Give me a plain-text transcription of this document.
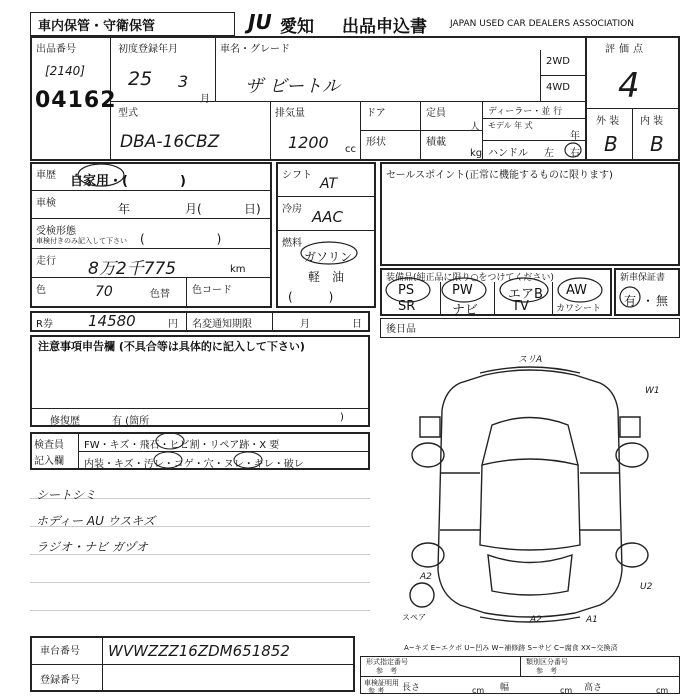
車内保管・守衛保管	JU 愛知 出品申込書	JAPAN USED CAR DEALERS ASSOCIATION
出品番号
[2140]
04162
初度登録年月
25 3
月
車名・グレード
ザ ビートル
2WD
4WD
評価点
4
外 装 内 装
B B
型式
DBA-16CBZ
排気量
1200 cc
ドア
形状
定員
人
積載
kg
ディーラー・並 行
モデル 年 式
年
ハンドル 左 右
車歴 自家用・(　　　　)
車検	年	月(	日)
受検形態
車検付きのみ記入して下さい (　　　　　　)
走行 8万2千775	km
色	70	色替 色コード
シフト
AT
冷房 AAC
燃料
ガソリン
軽　油
(　　　)
セールスポイント(正常に機能するものに限ります)
装備品(純正品に限り○をつけてください)
PS	PW	エアB AW
SR	ナビ	TV	カワシート
新車保証書
有 ・ 無
R券 14580	円 名変通知期限	月	日 後日品
注意事項申告欄 (不具合等は具体的に記入して下さい)
修復歴	有 (箇所	)
検査員
記入欄
FW・キズ・飛石・ヒビ割・リペア跡・X 要
内装・キズ・汚レ・コゲ・穴・ヌレ・キレ・破レ
シートシミ
ホディー AU ウスキズ
ラジオ・ナビ ガヅオ
スリA
W1
A2
U2
A2	A1
スペア
A~キズ E~エクボ U~凹み W~補修跡 S~サビ C~腐食 XX~交換済
車台番号 WVWZZZ16ZDM651852
登録番号
形式指定番号
参　考
類別区分番号
参　考
車検証明用
参 考 長さ	cm 幅	cm 高さ	cm
